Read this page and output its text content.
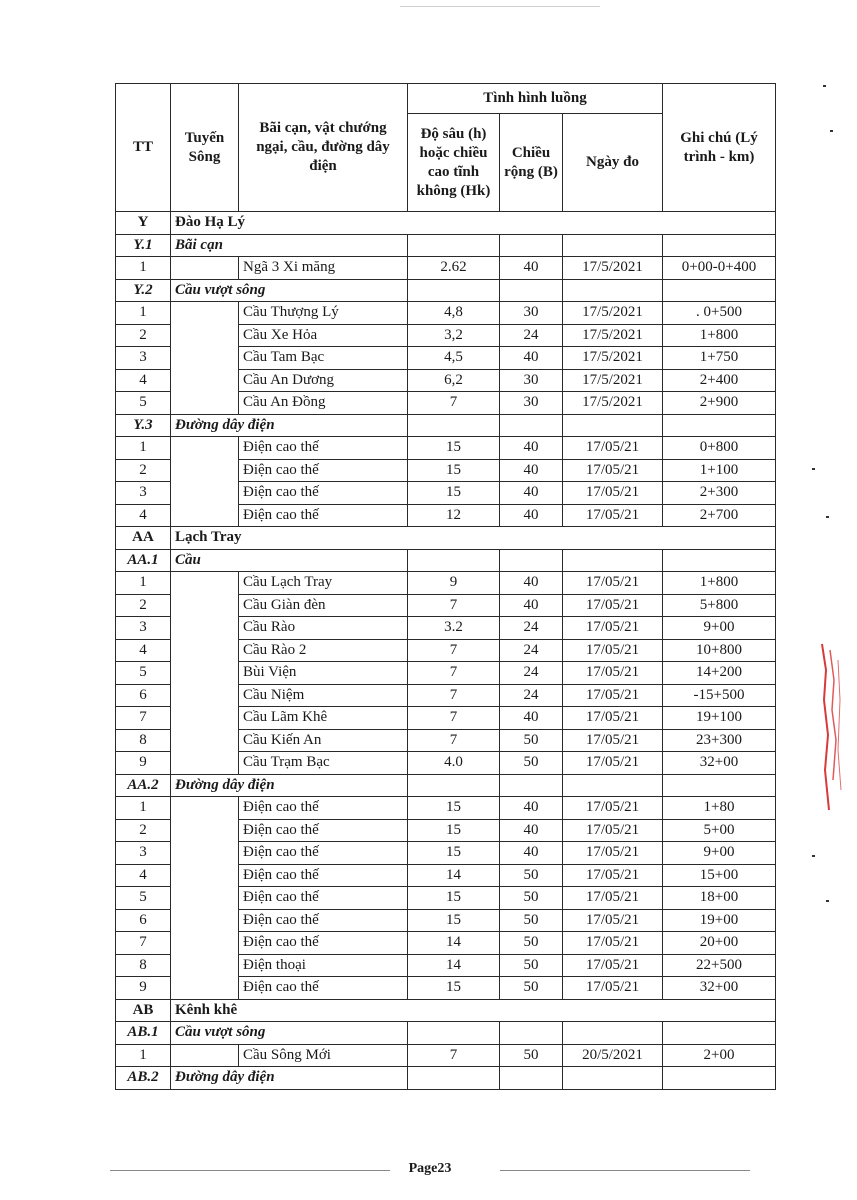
TT	Tuyến Sông	Bãi cạn, vật chướng ngại, cầu, đường dây điện	Tình hình luồng			Ghi chú (Lý trình - km)
			Độ sâu (h) hoặc chiều cao tĩnh không (Hk)	Chiều rộng (B)	Ngày đo	
Y	Đào Hạ Lý					
Y.1	Bãi cạn					
1		Ngã 3 Xi măng	2.62	40	17/5/2021	0+00-0+400
Y.2	Cầu vượt sông					
1		Cầu Thượng Lý	4,8	30	17/5/2021	. 0+500
2		Cầu Xe Hỏa	3,2	24	17/5/2021	1+800
3		Cầu Tam Bạc	4,5	40	17/5/2021	1+750
4		Cầu An Dương	6,2	30	17/5/2021	2+400
5		Cầu An Đồng	7	30	17/5/2021	2+900
Y.3	Đường dây điện					
1		Điện cao thế	15	40	17/05/21	0+800
2		Điện cao thế	15	40	17/05/21	1+100
3		Điện cao thế	15	40	17/05/21	2+300
4		Điện cao thế	12	40	17/05/21	2+700
AA	Lạch Tray					
AA.1	Cầu					
1		Cầu Lạch Tray	9	40	17/05/21	1+800
2		Cầu Giàn đèn	7	40	17/05/21	5+800
3		Cầu Rào	3.2	24	17/05/21	9+00
4		Cầu Rào 2	7	24	17/05/21	10+800
5		Bùi Viện	7	24	17/05/21	14+200
6		Cầu Niệm	7	24	17/05/21	-15+500
7		Cầu Lãm Khê	7	40	17/05/21	19+100
8		Cầu Kiến An	7	50	17/05/21	23+300
9		Cầu Trạm Bạc	4.0	50	17/05/21	32+00
AA.2	Đường dây điện					
1		Điện cao thế	15	40	17/05/21	1+80
2		Điện cao thế	15	40	17/05/21	5+00
3		Điện cao thế	15	40	17/05/21	9+00
4		Điện cao thế	14	50	17/05/21	15+00
5		Điện cao thế	15	50	17/05/21	18+00
6		Điện cao thế	15	50	17/05/21	19+00
7		Điện cao thế	14	50	17/05/21	20+00
8		Điện thoại	14	50	17/05/21	22+500
9		Điện cao thế	15	50	17/05/21	32+00
AB	Kênh khê					
AB.1	Cầu vượt sông					
1		Cầu Sông Mới	7	50	20/5/2021	2+00
AB.2	Đường dây điện					
Page23
